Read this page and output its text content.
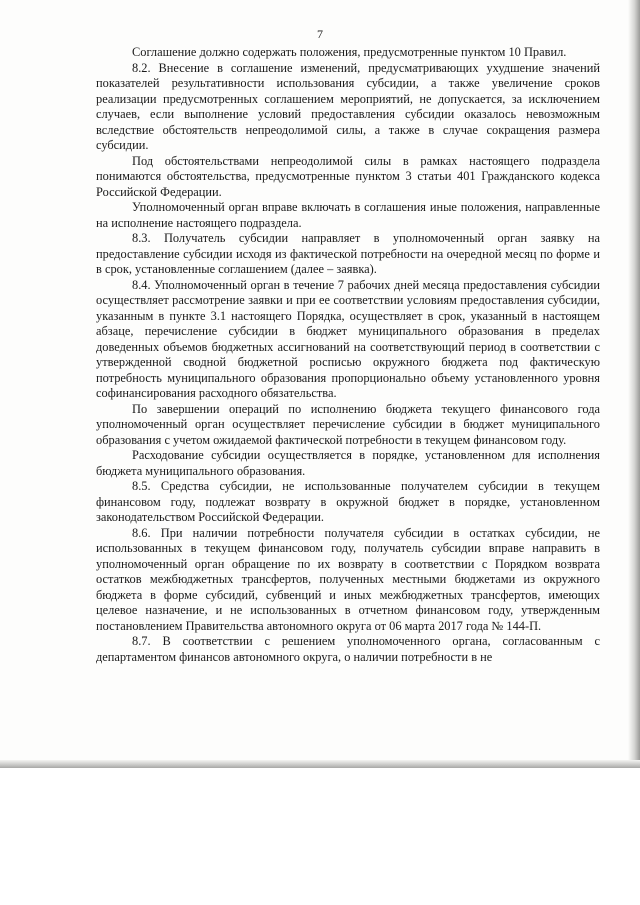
7

Соглашение должно содержать положения, предусмотренные пунктом 10 Правил.

8.2. Внесение в соглашение изменений, предусматривающих ухудшение значений показателей результативности использования субсидии, а также увеличение сроков реализации предусмотренных соглашением мероприятий, не допускается, за исключением случаев, если выполнение условий предоставления субсидии оказалось невозможным вследствие обстоятельств непреодолимой силы, а также в случае сокращения размера субсидии.

Под обстоятельствами непреодолимой силы в рамках настоящего подраздела понимаются обстоятельства, предусмотренные пунктом 3 статьи 401 Гражданского кодекса Российской Федерации.

Уполномоченный орган вправе включать в соглашения иные положения, направленные на исполнение настоящего подраздела.

8.3. Получатель субсидии направляет в уполномоченный орган заявку на предоставление субсидии исходя из фактической потребности на очередной месяц по форме и в срок, установленные соглашением (далее – заявка).

8.4. Уполномоченный орган в течение 7 рабочих дней месяца предоставления субсидии осуществляет рассмотрение заявки и при ее соответствии условиям предоставления субсидии, указанным в пункте 3.1 настоящего Порядка, осуществляет в срок, указанный в настоящем абзаце, перечисление субсидии в бюджет муниципального образования в пределах доведенных объемов бюджетных ассигнований на соответствующий период в соответствии с утвержденной сводной бюджетной росписью окружного бюджета под фактическую потребность муниципального образования пропорционально объему установленного уровня софинансирования расходного обязательства.

По завершении операций по исполнению бюджета текущего финансового года уполномоченный орган осуществляет перечисление субсидии в бюджет муниципального образования с учетом ожидаемой фактической потребности в текущем финансовом году.

Расходование субсидии осуществляется в порядке, установленном для исполнения бюджета муниципального образования.

8.5. Средства субсидии, не использованные получателем субсидии в текущем финансовом году, подлежат возврату в окружной бюджет в порядке, установленном законодательством Российской Федерации.

8.6. При наличии потребности получателя субсидии в остатках субсидии, не использованных в текущем финансовом году, получатель субсидии вправе направить в уполномоченный орган обращение по их возврату в соответствии с Порядком возврата остатков межбюджетных трансфертов, полученных местными бюджетами из окружного бюджета в форме субсидий, субвенций и иных межбюджетных трансфертов, имеющих целевое назначение, и не использованных в отчетном финансовом году, утвержденным постановлением Правительства автономного округа от 06 марта 2017 года № 144-П.

8.7. В соответствии с решением уполномоченного органа, согласованным с департаментом финансов автономного округа, о наличии потребности в не
